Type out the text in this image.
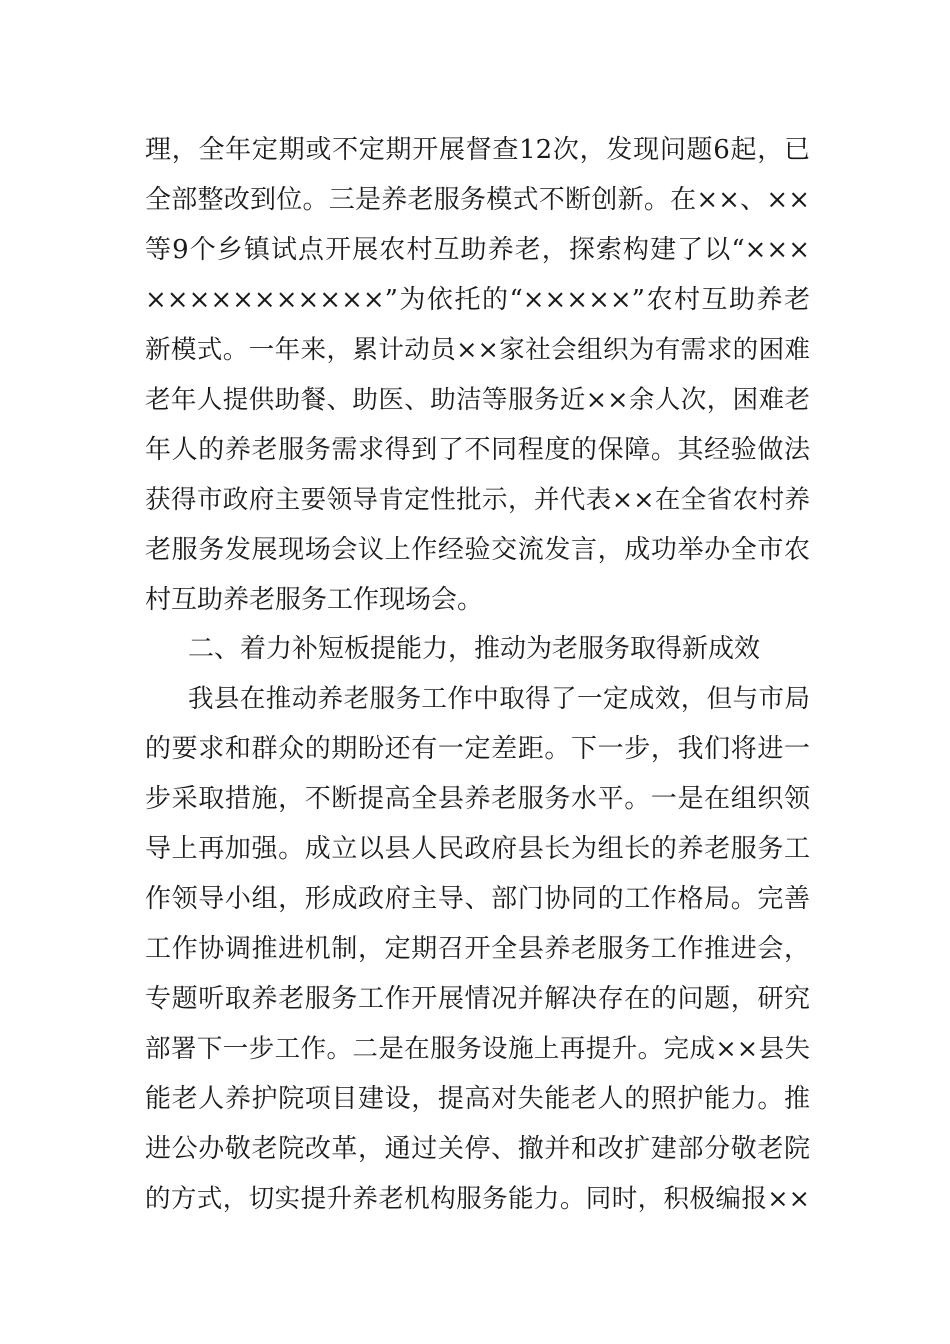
理，全年定期或不定期开展督查12次，发现问题6起，已
全部整改到位。三是养老服务模式不断创新。在××、××
等9个乡镇试点开展农村互助养老，探索构建了以“×××
×××××××××××”为依托的“×××××”农村互助养老
新模式。一年来，累计动员××家社会组织为有需求的困难
老年人提供助餐、助医、助洁等服务近××余人次，困难老
年人的养老服务需求得到了不同程度的保障。其经验做法
获得市政府主要领导肯定性批示，并代表××在全省农村养
老服务发展现场会议上作经验交流发言，成功举办全市农
村互助养老服务工作现场会。
二、着力补短板提能力，推动为老服务取得新成效
我县在推动养老服务工作中取得了一定成效，但与市局
的要求和群众的期盼还有一定差距。下一步，我们将进一
步采取措施，不断提高全县养老服务水平。一是在组织领
导上再加强。成立以县人民政府县长为组长的养老服务工
作领导小组，形成政府主导、部门协同的工作格局。完善
工作协调推进机制，定期召开全县养老服务工作推进会，
专题听取养老服务工作开展情况并解决存在的问题，研究
部署下一步工作。二是在服务设施上再提升。完成××县失
能老人养护院项目建设，提高对失能老人的照护能力。推
进公办敬老院改革，通过关停、撤并和改扩建部分敬老院
的方式，切实提升养老机构服务能力。同时，积极编报××
